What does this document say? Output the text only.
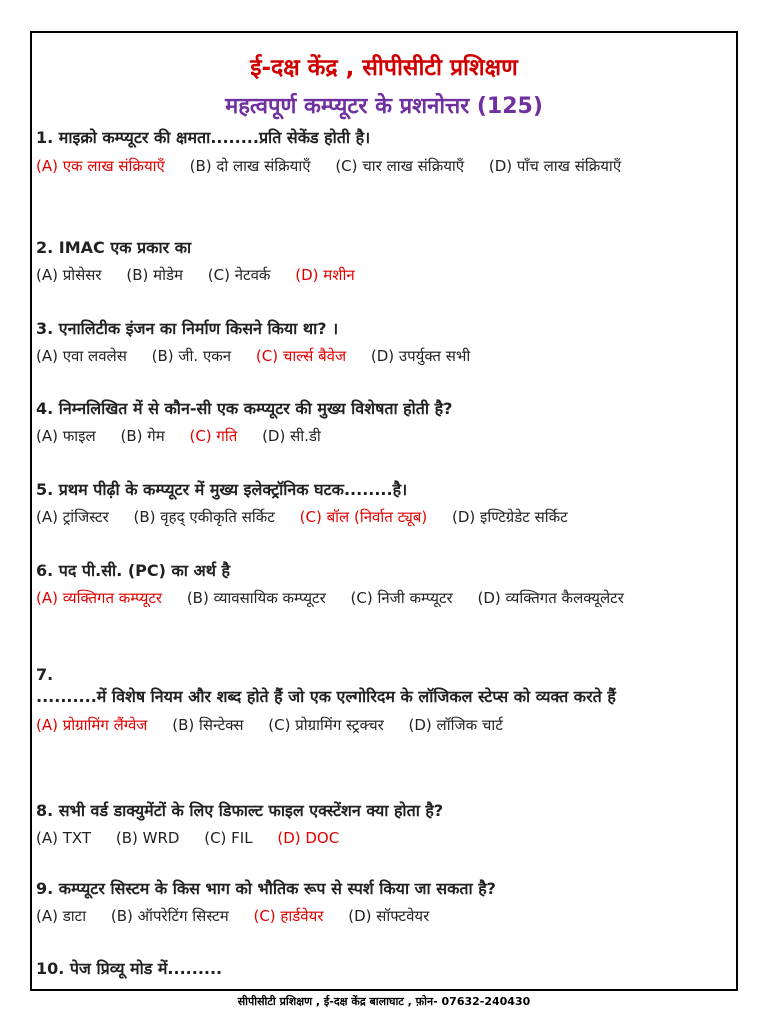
ई-दक्ष केंद्र , सीपीसीटी प्रशिक्षण
महत्वपूर्ण कम्प्यूटर के प्रशनोत्तर (125)
1. माइक्रो कम्प्यूटर की क्षमता........प्रति सेकेंड होती है।
(A) एक लाख संक्रियाएँ (B) दो लाख संक्रियाएँ (C) चार लाख संक्रियाएँ (D) पाँच लाख संक्रियाएँ
2. IMAC एक प्रकार का
(A) प्रोसेसर (B) मोडेम (C) नेटवर्क (D) मशीन
3. एनालिटीक इंजन का निर्माण किसने किया था? ।
(A) एवा लवलेस (B) जी. एकन (C) चार्ल्स बैवेज (D) उपर्युक्त सभी
4. निम्नलिखित में से कौन-सी एक कम्प्यूटर की मुख्य विशेषता होती है?
(A) फाइल (B) गेम (C) गति (D) सी.डी
5. प्रथम पीढ़ी के कम्प्यूटर में मुख्य इलेक्ट्रॉनिक घटक........है।
(A) ट्रांजिस्टर (B) वृहद् एकीकृति सर्किट (C) बॉल (निर्वात ट्यूब) (D) इण्टिग्रेडेट सर्किट
6. पद पी.सी. (PC) का अर्थ है
(A) व्यक्तिगत कम्प्यूटर (B) व्यावसायिक कम्प्यूटर (C) निजी कम्प्यूटर (D) व्यक्तिगत कैलक्यूलेटर
7.
..........में विशेष नियम और शब्द होते हैं जो एक एल्गोरिदम के लॉजिकल स्टेप्स को व्यक्त करते हैं
(A) प्रोग्रामिंग लैंग्वेज (B) सिन्टेक्स (C) प्रोग्रामिंग स्ट्रक्चर (D) लॉजिक चार्ट
8. सभी वर्ड डाक्युमेंटों के लिए डिफाल्ट फाइल एक्स्टेंशन क्या होता है?
(A) TXT (B) WRD (C) FIL (D) DOC
9. कम्प्यूटर सिस्टम के किस भाग को भौतिक रूप से स्पर्श किया जा सकता है?
(A) डाटा (B) ऑपरेटिंग सिस्टम (C) हार्डवेयर (D) सॉफ्टवेयर
10. पेज प्रिव्यू मोड में.........
सीपीसीटी प्रशिक्षण , ई-दक्ष केंद्र बालाघाट , फ़ोन- 07632-240430
